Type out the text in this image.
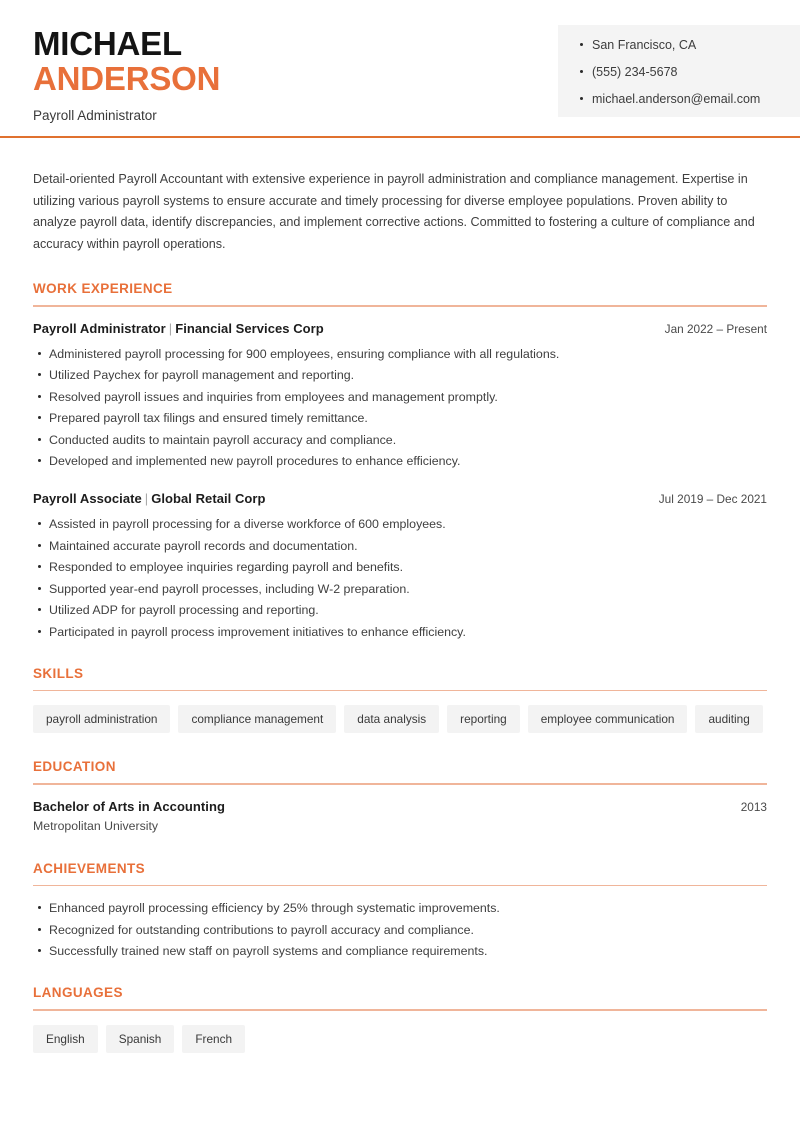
MICHAEL
ANDERSON
Payroll Administrator
San Francisco, CA
(555) 234-5678
michael.anderson@email.com

Detail-oriented Payroll Accountant with extensive experience in payroll administration and compliance management. Expertise in utilizing various payroll systems to ensure accurate and timely processing for diverse employee populations. Proven ability to analyze payroll data, identify discrepancies, and implement corrective actions. Committed to fostering a culture of compliance and accuracy within payroll operations.

WORK EXPERIENCE
Payroll Administrator | Financial Services Corp	Jan 2022 – Present
Administered payroll processing for 900 employees, ensuring compliance with all regulations.
Utilized Paychex for payroll management and reporting.
Resolved payroll issues and inquiries from employees and management promptly.
Prepared payroll tax filings and ensured timely remittance.
Conducted audits to maintain payroll accuracy and compliance.
Developed and implemented new payroll procedures to enhance efficiency.
Payroll Associate | Global Retail Corp	Jul 2019 – Dec 2021
Assisted in payroll processing for a diverse workforce of 600 employees.
Maintained accurate payroll records and documentation.
Responded to employee inquiries regarding payroll and benefits.
Supported year-end payroll processes, including W-2 preparation.
Utilized ADP for payroll processing and reporting.
Participated in payroll process improvement initiatives to enhance efficiency.
SKILLS
payroll administration	compliance management	data analysis	reporting	employee communication	auditing
EDUCATION
Bachelor of Arts in Accounting	2013
Metropolitan University
ACHIEVEMENTS
Enhanced payroll processing efficiency by 25% through systematic improvements.
Recognized for outstanding contributions to payroll accuracy and compliance.
Successfully trained new staff on payroll systems and compliance requirements.
LANGUAGES
English	Spanish	French
